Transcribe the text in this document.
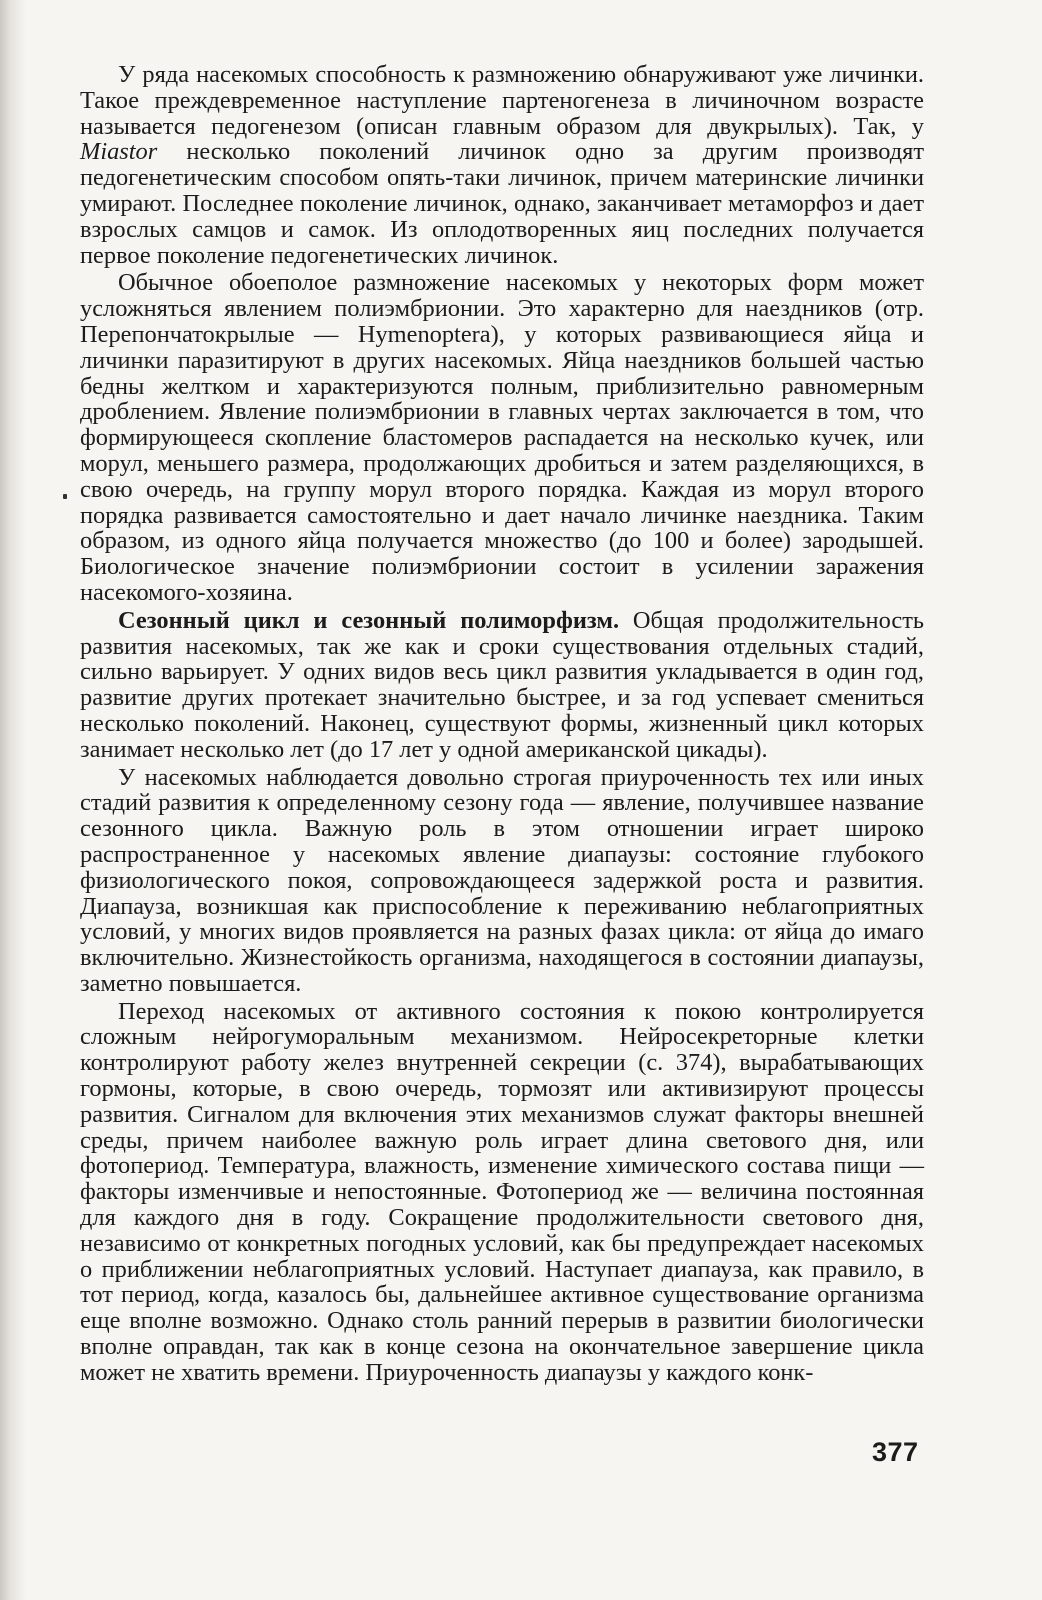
У ряда насекомых способность к размножению обнаруживают уже личинки. Такое преждевременное наступление партеногенеза в личиночном возрасте называется педогенезом (описан главным образом для двукрылых). Так, у Miastor несколько поколений личинок одно за другим производят педогенетическим способом опять-таки личинок, причем материнские личинки умирают. Последнее поколение личинок, однако, заканчивает метаморфоз и дает взрослых самцов и самок. Из оплодотворенных яиц последних получается первое поколение педогенетических личинок.

Обычное обоеполое размножение насекомых у некоторых форм может усложняться явлением полиэмбрионии. Это характерно для наездников (отр. Перепончатокрылые — Hymenoptera), у которых развивающиеся яйца и личинки паразитируют в других насекомых. Яйца наездников большей частью бедны желтком и характеризуются полным, приблизительно равномерным дроблением. Явление полиэмбрионии в главных чертах заключается в том, что формирующееся скопление бластомеров распадается на несколько кучек, или морул, меньшего размера, продолжающих дробиться и затем разделяющихся, в свою очередь, на группу морул второго порядка. Каждая из морул второго порядка развивается самостоятельно и дает начало личинке наездника. Таким образом, из одного яйца получается множество (до 100 и более) зародышей. Биологическое значение полиэмбрионии состоит в усилении заражения насекомого-хозяина.

Сезонный цикл и сезонный полиморфизм. Общая продолжительность развития насекомых, так же как и сроки существования отдельных стадий, сильно варьирует. У одних видов весь цикл развития укладывается в один год, развитие других протекает значительно быстрее, и за год успевает смениться несколько поколений. Наконец, существуют формы, жизненный цикл которых занимает несколько лет (до 17 лет у одной американской цикады).

У насекомых наблюдается довольно строгая приуроченность тех или иных стадий развития к определенному сезону года — явление, получившее название сезонного цикла. Важную роль в этом отношении играет широко распространенное у насекомых явление диапаузы: состояние глубокого физиологического покоя, сопровождающееся задержкой роста и развития. Диапауза, возникшая как приспособление к переживанию неблагоприятных условий, у многих видов проявляется на разных фазах цикла: от яйца до имаго включительно. Жизнестойкость организма, находящегося в состоянии диапаузы, заметно повышается.

Переход насекомых от активного состояния к покою контролируется сложным нейрогуморальным механизмом. Нейросекреторные клетки контролируют работу желез внутренней секреции (с. 374), вырабатывающих гормоны, которые, в свою очередь, тормозят или активизируют процессы развития. Сигналом для включения этих механизмов служат факторы внешней среды, причем наиболее важную роль играет длина светового дня, или фотопериод. Температура, влажность, изменение химического состава пищи — факторы изменчивые и непостоянные. Фотопериод же — величина постоянная для каждого дня в году. Сокращение продолжительности светового дня, независимо от конкретных погодных условий, как бы предупреждает насекомых о приближении неблагоприятных условий. Наступает диапауза, как правило, в тот период, когда, казалось бы, дальнейшее активное существование организма еще вполне возможно. Однако столь ранний перерыв в развитии биологически вполне оправдан, так как в конце сезона на окончательное завершение цикла может не хватить времени. Приуроченность диапаузы у каждого конк-

377
